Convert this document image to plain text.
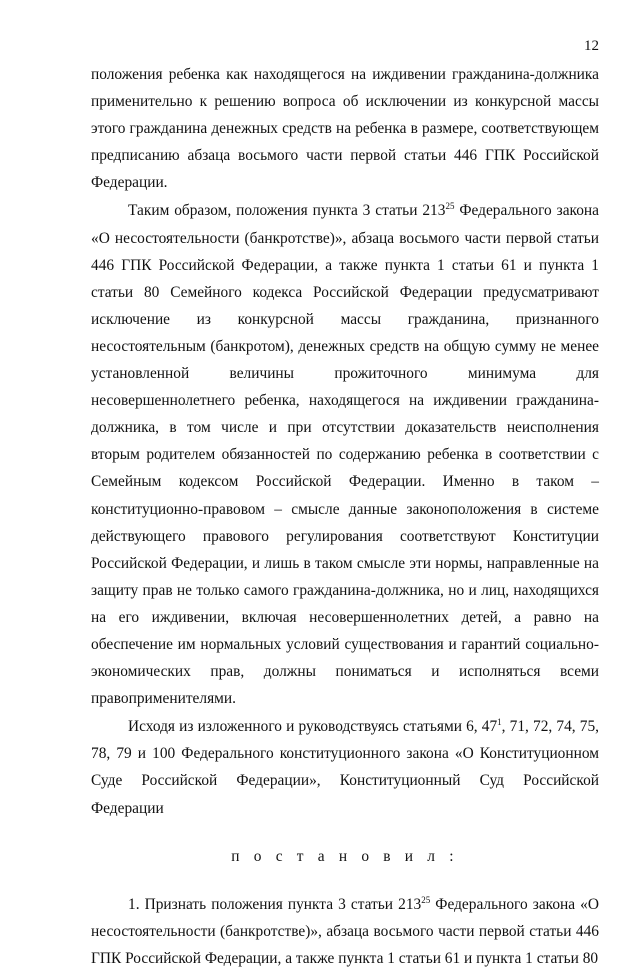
12

положения ребенка как находящегося на иждивении гражданина-должника применительно к решению вопроса об исключении из конкурсной массы этого гражданина денежных средств на ребенка в размере, соответствующем предписанию абзаца восьмого части первой статьи 446 ГПК Российской Федерации.

Таким образом, положения пункта 3 статьи $213^{25}$ Федерального закона «О несостоятельности (банкротстве)», абзаца восьмого части первой статьи 446 ГПК Российской Федерации, а также пункта 1 статьи 61 и пункта 1 статьи 80 Семейного кодекса Российской Федерации предусматривают исключение из конкурсной массы гражданина, признанного несостоятельным (банкротом), денежных средств на общую сумму не менее установленной величины прожиточного минимума для несовершеннолетнего ребенка, находящегося на иждивении гражданина-должника, в том числе и при отсутствии доказательств неисполнения вторым родителем обязанностей по содержанию ребенка в соответствии с Семейным кодексом Российской Федерации. Именно в таком – конституционно-правовом – смысле данные законоположения в системе действующего правового регулирования соответствуют Конституции Российской Федерации, и лишь в таком смысле эти нормы, направленные на защиту прав не только самого гражданина-должника, но и лиц, находящихся на его иждивении, включая несовершеннолетних детей, а равно на обеспечение им нормальных условий существования и гарантий социально-экономических прав, должны пониматься и исполняться всеми правоприменителями.

Исходя из изложенного и руководствуясь статьями 6, $47^1$, 71, 72, 74, 75, 78, 79 и 100 Федерального конституционного закона «О Конституционном Суде Российской Федерации», Конституционный Суд Российской Федерации

п о с т а н о в и л :

1. Признать положения пункта 3 статьи $213^{25}$ Федерального закона «О несостоятельности (банкротстве)», абзаца восьмого части первой статьи 446 ГПК Российской Федерации, а также пункта 1 статьи 61 и пункта 1 статьи 80
